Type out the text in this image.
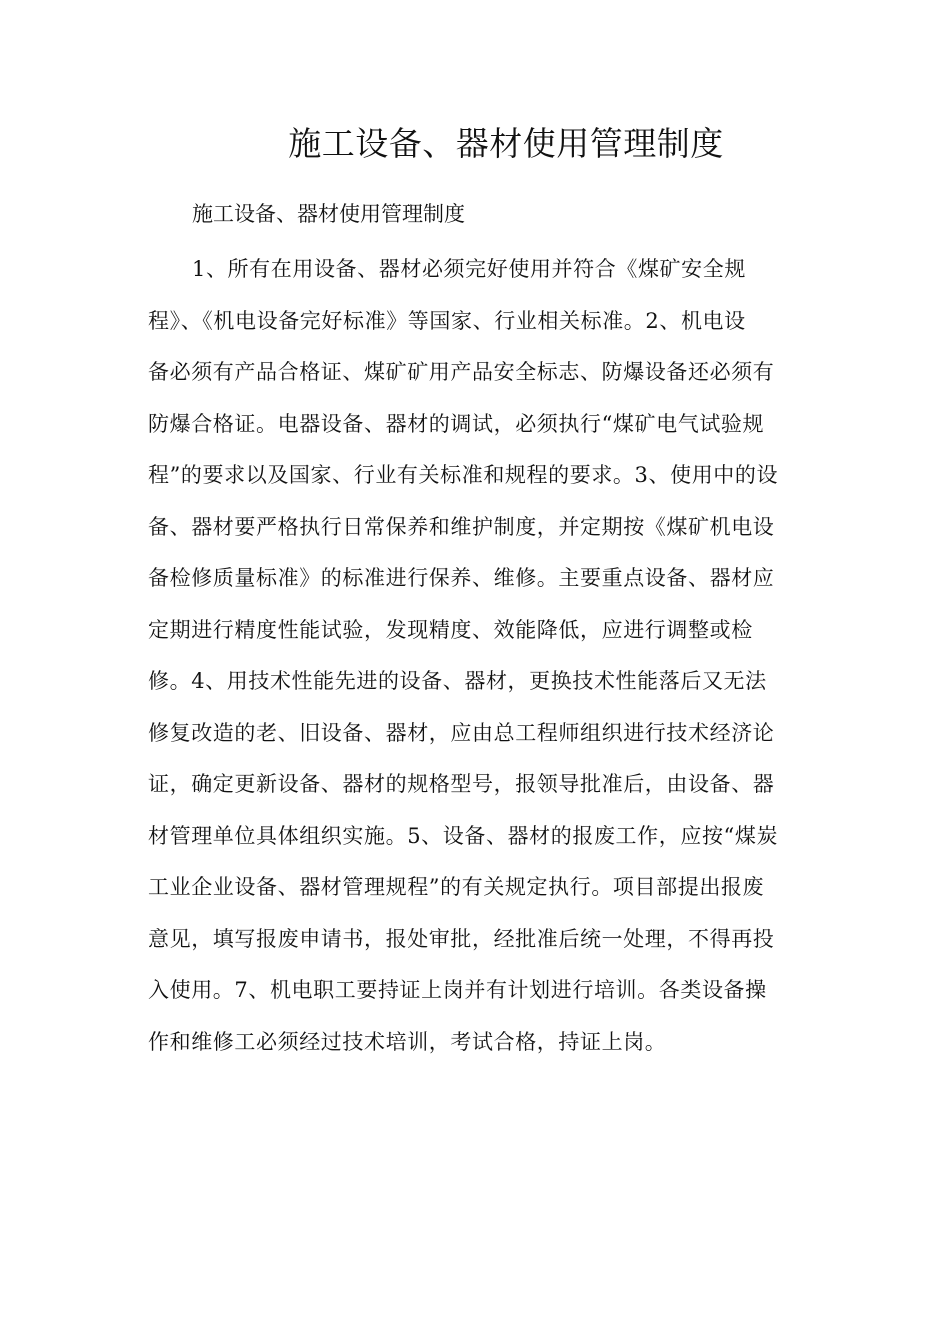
施工设备、器材使用管理制度

施工设备、器材使用管理制度

1、所有在用设备、器材必须完好使用并符合《煤矿安全规
程》、《机电设备完好标准》等国家、行业相关标准。2、机电设
备必须有产品合格证、煤矿矿用产品安全标志、防爆设备还必须有
防爆合格证。电器设备、器材的调试，必须执行“煤矿电气试验规
程”的要求以及国家、行业有关标准和规程的要求。3、使用中的设
备、器材要严格执行日常保养和维护制度，并定期按《煤矿机电设
备检修质量标准》的标准进行保养、维修。主要重点设备、器材应
定期进行精度性能试验，发现精度、效能降低，应进行调整或检
修。4、用技术性能先进的设备、器材，更换技术性能落后又无法
修复改造的老、旧设备、器材，应由总工程师组织进行技术经济论
证，确定更新设备、器材的规格型号，报领导批准后，由设备、器
材管理单位具体组织实施。5、设备、器材的报废工作，应按“煤炭
工业企业设备、器材管理规程”的有关规定执行。项目部提出报废
意见，填写报废申请书，报处审批，经批准后统一处理，不得再投
入使用。7、机电职工要持证上岗并有计划进行培训。各类设备操
作和维修工必须经过技术培训，考试合格，持证上岗。
